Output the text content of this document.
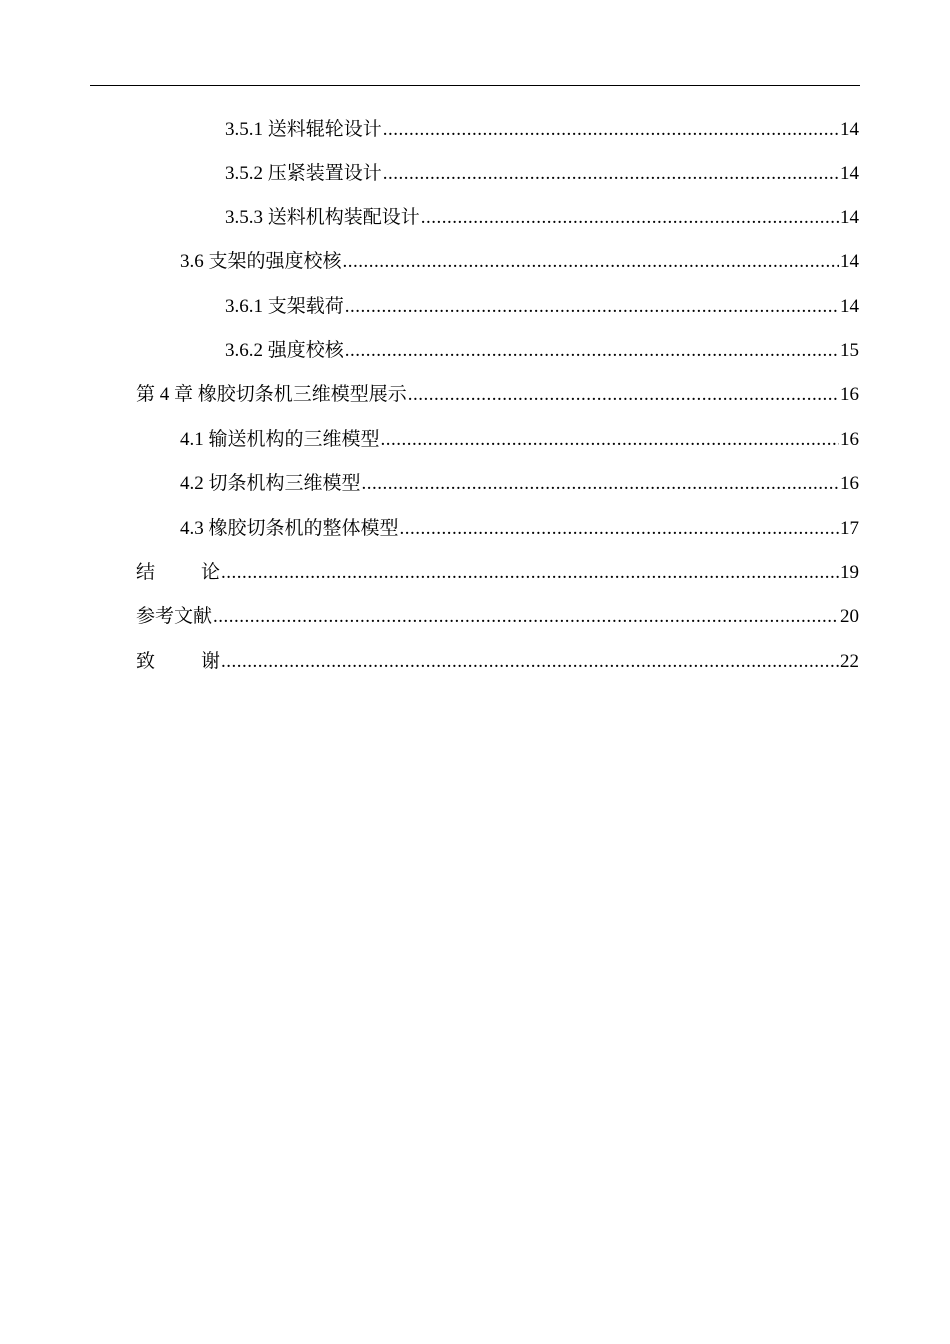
3.5.1 送料辊轮设计 .....	14
3.5.2 压紧装置设计 .....	14
3.5.3 送料机构装配设计 .....	14
3.6 支架的强度校核 .....	14
3.6.1 支架载荷 .....	14
3.6.2 强度校核 .....	15
第 4 章 橡胶切条机三维模型展示 .....	16
4.1 输送机构的三维模型 .....	16
4.2 切条机构三维模型 .....	16
4.3 橡胶切条机的整体模型 .....	17
结 论 .....	19
参考文献 .....	20
致 谢 .....	22
